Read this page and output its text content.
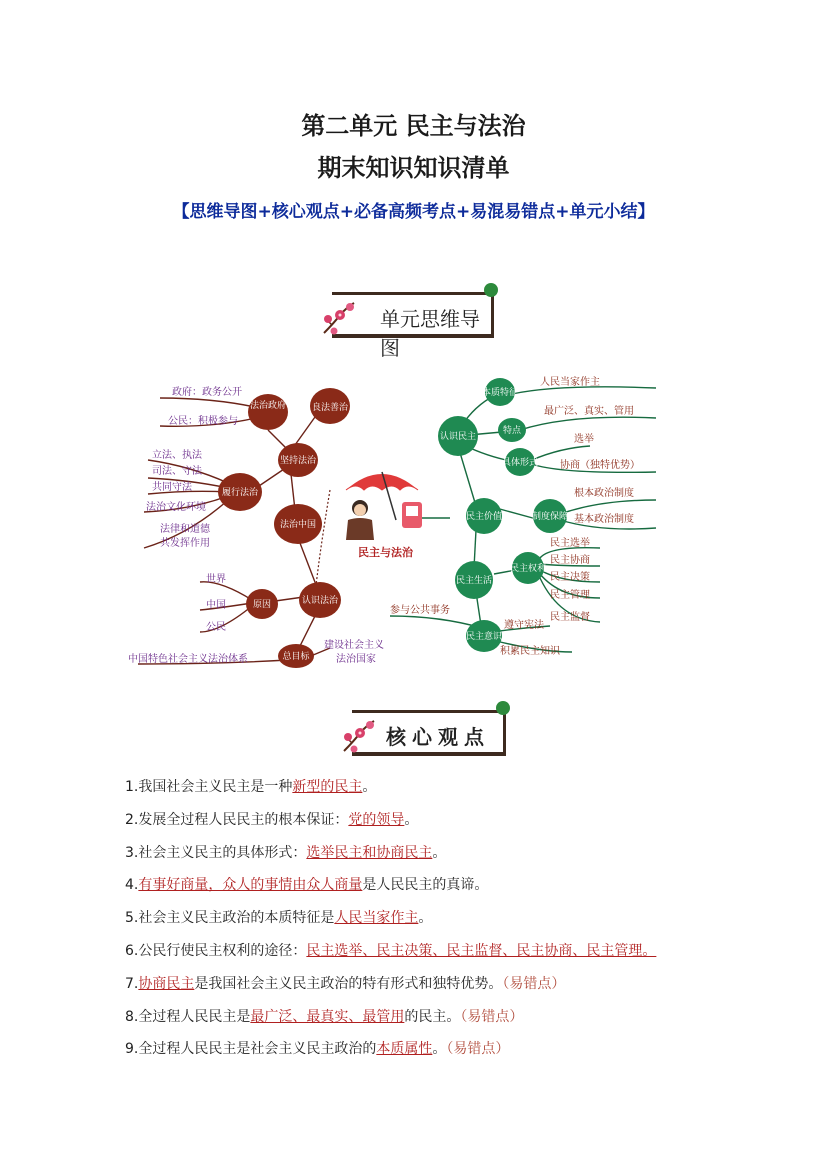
第二单元 民主与法治
期末知识知识清单
【思维导图+核心观点+必备高频考点+易混易错点+单元小结】
单元思维导图
法治政府	良法善治
坚持法治
履行法治
法治中国
认识法治
原因
总目标
政府：政务公开
公民：积极参与
立法、执法
司法、守法
共同守法
法治文化环境
法律和道德
共发挥作用
世界
中国
公民
中国特色社会主义法治体系
建设社会主义
法治国家
民主与法治
认识民主
本质特征
特点
具体形式
民主价值	制度保障
民主生活
民主权利
民主意识
人民当家作主
最广泛、真实、管用
选举
协商（独特优势）
根本政治制度
基本政治制度
民主选举
民主协商
民主决策
民主管理
民主监督
参与公共事务
遵守宪法
积累民主知识
核心观点
1.我国社会主义民主是一种新型的民主。
2.发展全过程人民民主的根本保证：党的领导。
3.社会主义民主的具体形式：选举民主和协商民主。
4.有事好商量，众人的事情由众人商量是人民民主的真谛。
5.社会主义民主政治的本质特征是人民当家作主。
6.公民行使民主权利的途径：民主选举、民主决策、民主监督、民主协商、民主管理。
7.协商民主是我国社会主义民主政治的特有形式和独特优势。（易错点）
8.全过程人民民主是最广泛、最真实、最管用的民主。（易错点）
9.全过程人民民主是社会主义民主政治的本质属性。（易错点）
